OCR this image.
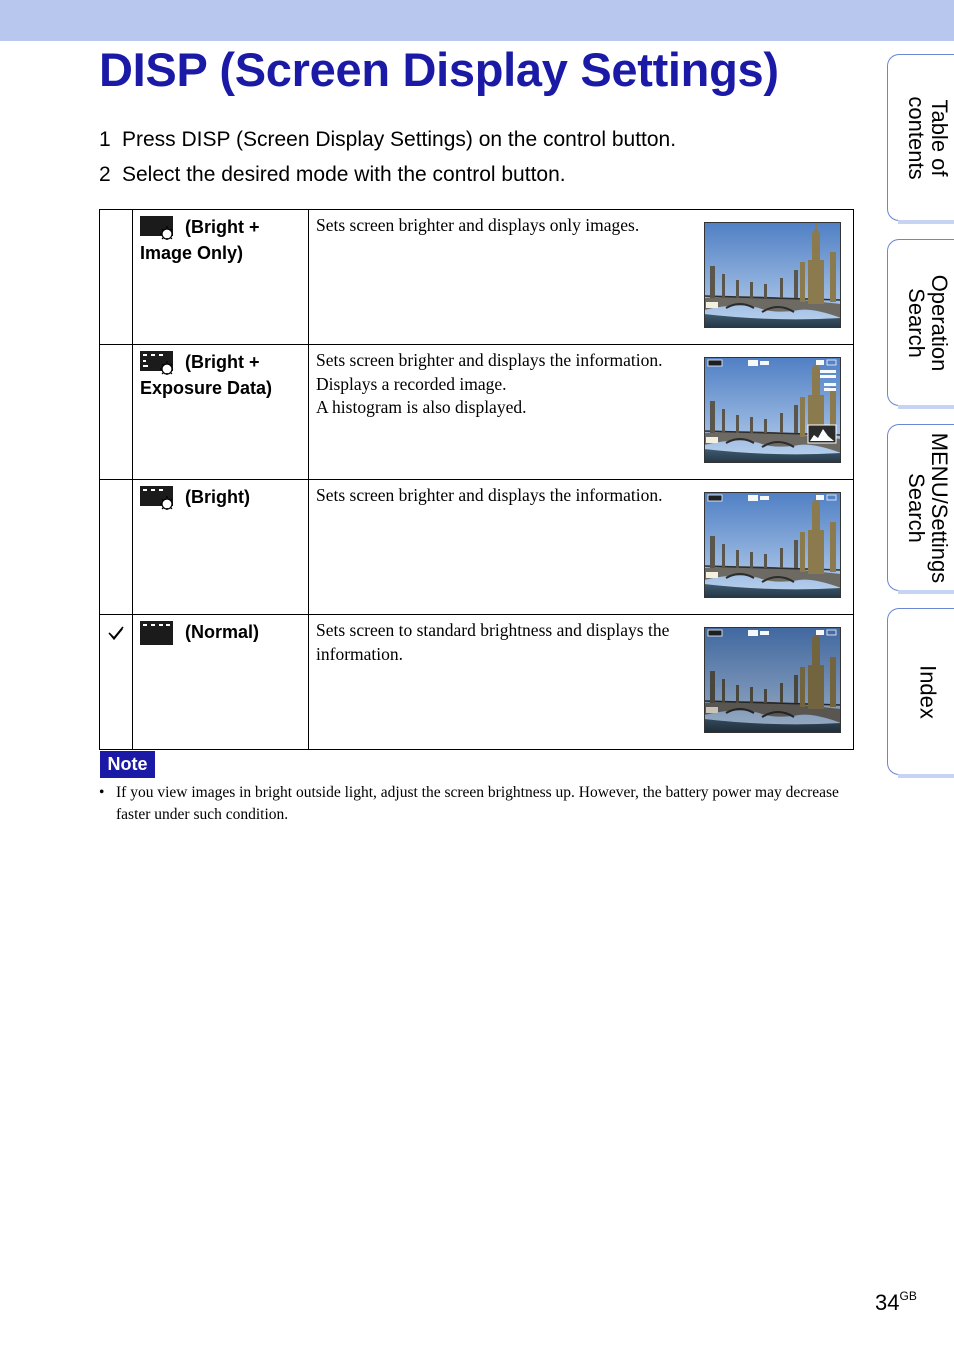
DISP (Screen Display Settings)
1 Press DISP (Screen Display Settings) on the control button.
2 Select the desired mode with the control button.

(Bright + Image Only)	Sets screen brighter and displays only images.

(Bright + Exposure Data)	Sets screen brighter and displays the information.
Displays a recorded image.
A histogram is also displayed.

(Bright)	Sets screen brighter and displays the information.

(Normal)	Sets screen to standard brightness and displays the information.
Note
• If you view images in bright outside light, adjust the screen brightness up. However, the battery power may decrease faster under such condition.
Table of
contents
Operation
Search
MENU/Settings
Search
Index
$34^{GB}$
